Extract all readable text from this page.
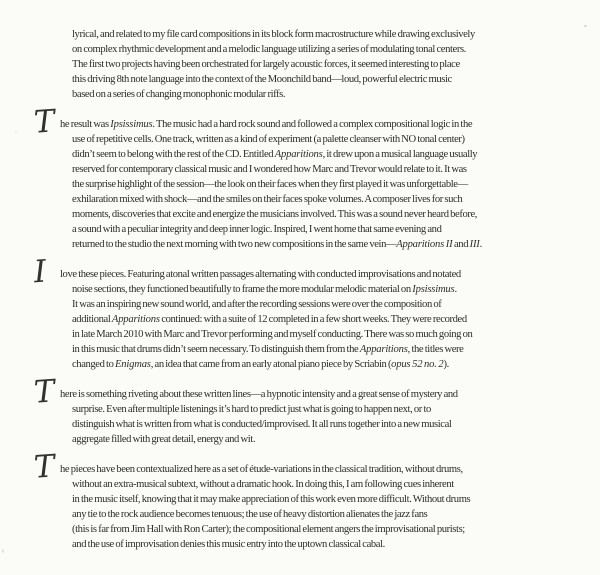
lyrical, and related to my file card compositions in its block form macrostructure while drawing exclusively
on complex rhythmic development and a melodic language utilizing a series of modulating tonal centers.
The first two projects having been orchestrated for largely acoustic forces, it seemed interesting to place
this driving 8th note language into the context of the Moonchild band—loud, powerful electric music
based on a series of changing monophonic modular riffs.
T he result was Ipsissimus. The music had a hard rock sound and followed a complex compositional logic in the
use of repetitive cells. One track, written as a kind of experiment (a palette cleanser with NO tonal center)
didn’t seem to belong with the rest of the CD. Entitled Apparitions, it drew upon a musical language usually
reserved for contemporary classical music and I wondered how Marc and Trevor would relate to it. It was
the surprise highlight of the session—the look on their faces when they first played it was unforgettable—
exhilaration mixed with shock—and the smiles on their faces spoke volumes. A composer lives for such
moments, discoveries that excite and energize the musicians involved. This was a sound never heard before,
a sound with a peculiar integrity and deep inner logic. Inspired, I went home that same evening and
returned to the studio the next morning with two new compositions in the same vein—Apparitions II and III.
I love these pieces. Featuring atonal written passages alternating with conducted improvisations and notated
noise sections, they functioned beautifully to frame the more modular melodic material on Ipsissimus.
It was an inspiring new sound world, and after the recording sessions were over the composition of
additional Apparitions continued: with a suite of 12 completed in a few short weeks. They were recorded
in late March 2010 with Marc and Trevor performing and myself conducting. There was so much going on
in this music that drums didn’t seem necessary. To distinguish them from the Apparitions, the titles were
changed to Enigmas, an idea that came from an early atonal piano piece by Scriabin (opus 52 no. 2).
T here is something riveting about these written lines—a hypnotic intensity and a great sense of mystery and
surprise. Even after multiple listenings it’s hard to predict just what is going to happen next, or to
distinguish what is written from what is conducted/improvised. It all runs together into a new musical
aggregate filled with great detail, energy and wit.
T he pieces have been contextualized here as a set of étude-variations in the classical tradition, without drums,
without an extra-musical subtext, without a dramatic hook. In doing this, I am following cues inherent
in the music itself, knowing that it may make appreciation of this work even more difficult. Without drums
any tie to the rock audience becomes tenuous; the use of heavy distortion alienates the jazz fans
(this is far from Jim Hall with Ron Carter); the compositional element angers the improvisational purists;
and the use of improvisation denies this music entry into the uptown classical cabal.
